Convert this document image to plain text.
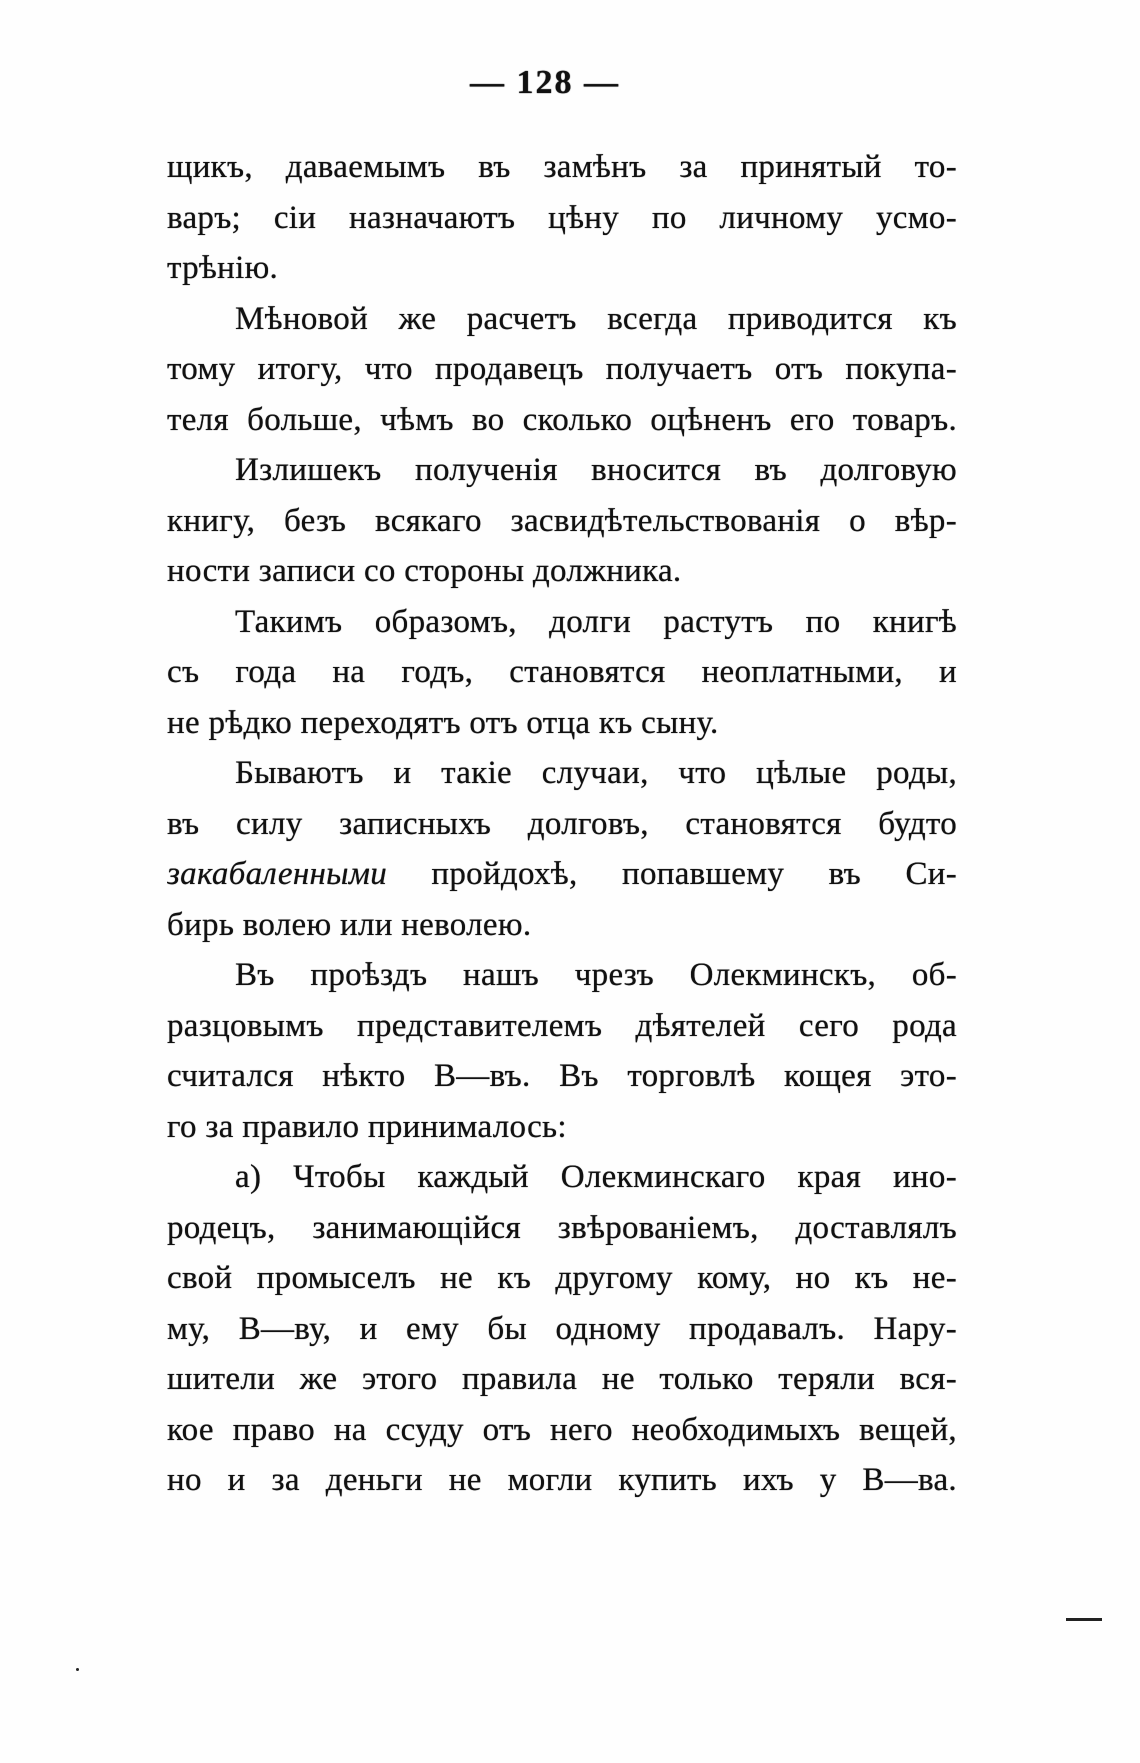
— 128 —
щикъ, даваемымъ въ замѣнъ за принятый то-
варъ; сіи назначаютъ цѣну по личному усмо-
трѣнію.
Мѣновой же расчетъ всегда приводится къ
тому итогу, что продавецъ получаетъ отъ покупа-
теля больше, чѣмъ во сколько оцѣненъ его товаръ.
Излишекъ полученія вносится въ долговую
книгу, безъ всякаго засвидѣтельствованія о вѣр-
ности записи со стороны должника.
Такимъ образомъ, долги растутъ по книгѣ
съ года на годъ, становятся неоплатными, и
не рѣдко переходятъ отъ отца къ сыну.
Бываютъ и такіе случаи, что цѣлые роды,
въ силу записныхъ долговъ, становятся будто
закабаленными пройдохѣ, попавшему въ Си-
бирь волею или неволею.
Въ проѣздъ нашъ чрезъ Олекминскъ, об-
разцовымъ представителемъ дѣятелей сего рода
считался нѣкто В—въ. Въ торговлѣ кощея это-
го за правило принималось:
а) Чтобы каждый Олекминскаго края ино-
родецъ, занимающійся звѣрованіемъ, доставлялъ
свой промыселъ не къ другому кому, но къ не-
му, В—ву, и ему бы одному продавалъ. Нару-
шители же этого правила не только теряли вся-
кое право на ссуду отъ него необходимыхъ вещей,
но и за деньги не могли купить ихъ у В—ва.
